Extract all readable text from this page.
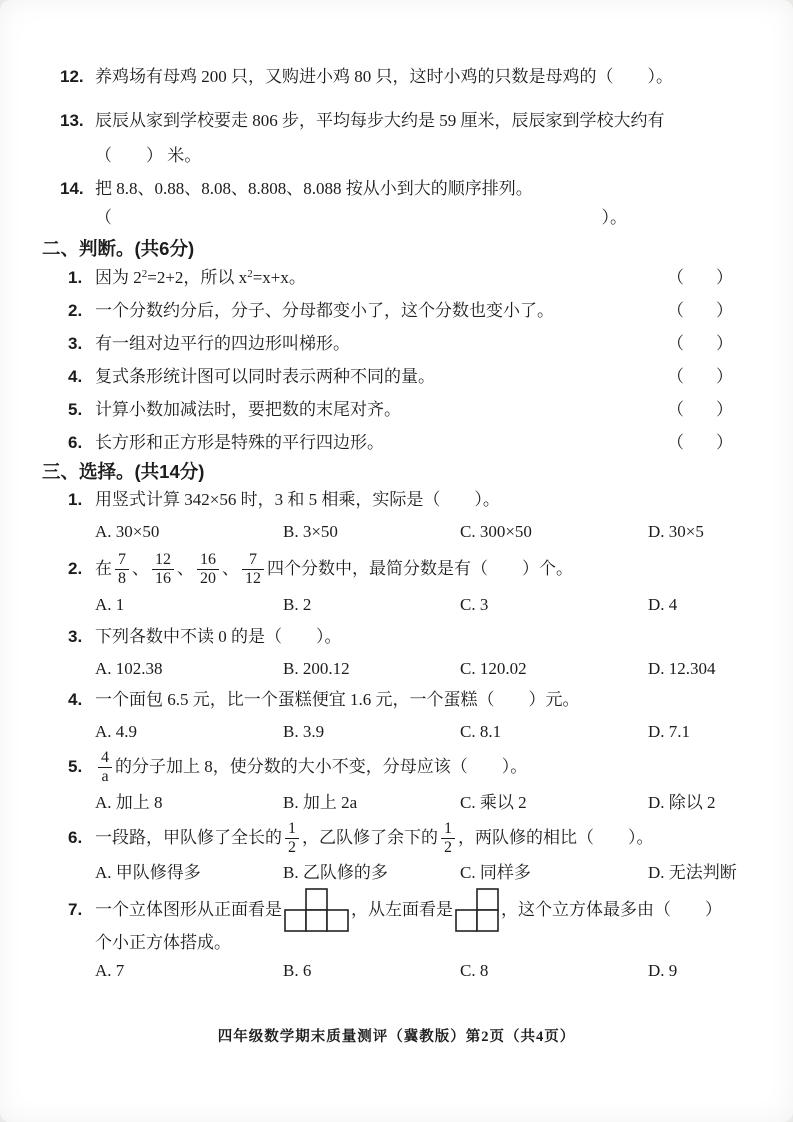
12. 养鸡场有母鸡 200 只，又购进小鸡 80 只，这时小鸡的只数是母鸡的（　　）。
13. 辰辰从家到学校要走 806 步，平均每步大约是 59 厘米，辰辰家到学校大约有
（　　 ） 米。
14. 把 8.8、0.88、8.08、8.808、8.088 按从小到大的顺序排列。
（	）。
二、判断。(共6分)
1. 因为 $2^2=2+2$，所以 $x^2=x+x$。	（ ）
2. 一个分数约分后，分子、分母都变小了，这个分数也变小了。	（ ）
3. 有一组对边平行的四边形叫梯形。	（ ）
4. 复式条形统计图可以同时表示两种不同的量。	（ ）
5. 计算小数加减法时，要把数的末尾对齐。	（ ）
6. 长方形和正方形是特殊的平行四边形。	（ ）
三、选择。(共14分)
1. 用竖式计算 342×56 时，3 和 5 相乘，实际是（　　）。
A. 30×50	B. 3×50	C. 300×50	D. 30×5
2. 在 $\frac{7}{8}$ 、 $\frac{12}{16}$ 、 $\frac{16}{20}$ 、 $\frac{7}{12}$ 四个分数中，最简分数是有（　　）个。
A. 1	B. 2	C. 3	D. 4
3. 下列各数中不读 0 的是（　　）。
A. 102.38	B. 200.12	C. 120.02	D. 12.304
4. 一个面包 6.5 元，比一个蛋糕便宜 1.6 元，一个蛋糕（　　）元。
A. 4.9	B. 3.9	C. 8.1	D. 7.1
5. $\frac{4}{a}$ 的分子加上 8，使分数的大小不变，分母应该（　　）。
A. 加上 8	B. 加上 2a	C. 乘以 2	D. 除以 2
6. 一段路，甲队修了全长的 $\frac{1}{2}$ ，乙队修了余下的 $\frac{1}{2}$ ，两队修的相比（　　）。
A. 甲队修得多	B. 乙队修的多	C. 同样多	D. 无法判断
7. 一个立体图形从正面看是	，从左面看是	，这个立方体最多由（　　）
个小正方体搭成。
A. 7	B. 6	C. 8	D. 9
四年级数学期末质量测评（冀教版）第2页（共4页）
